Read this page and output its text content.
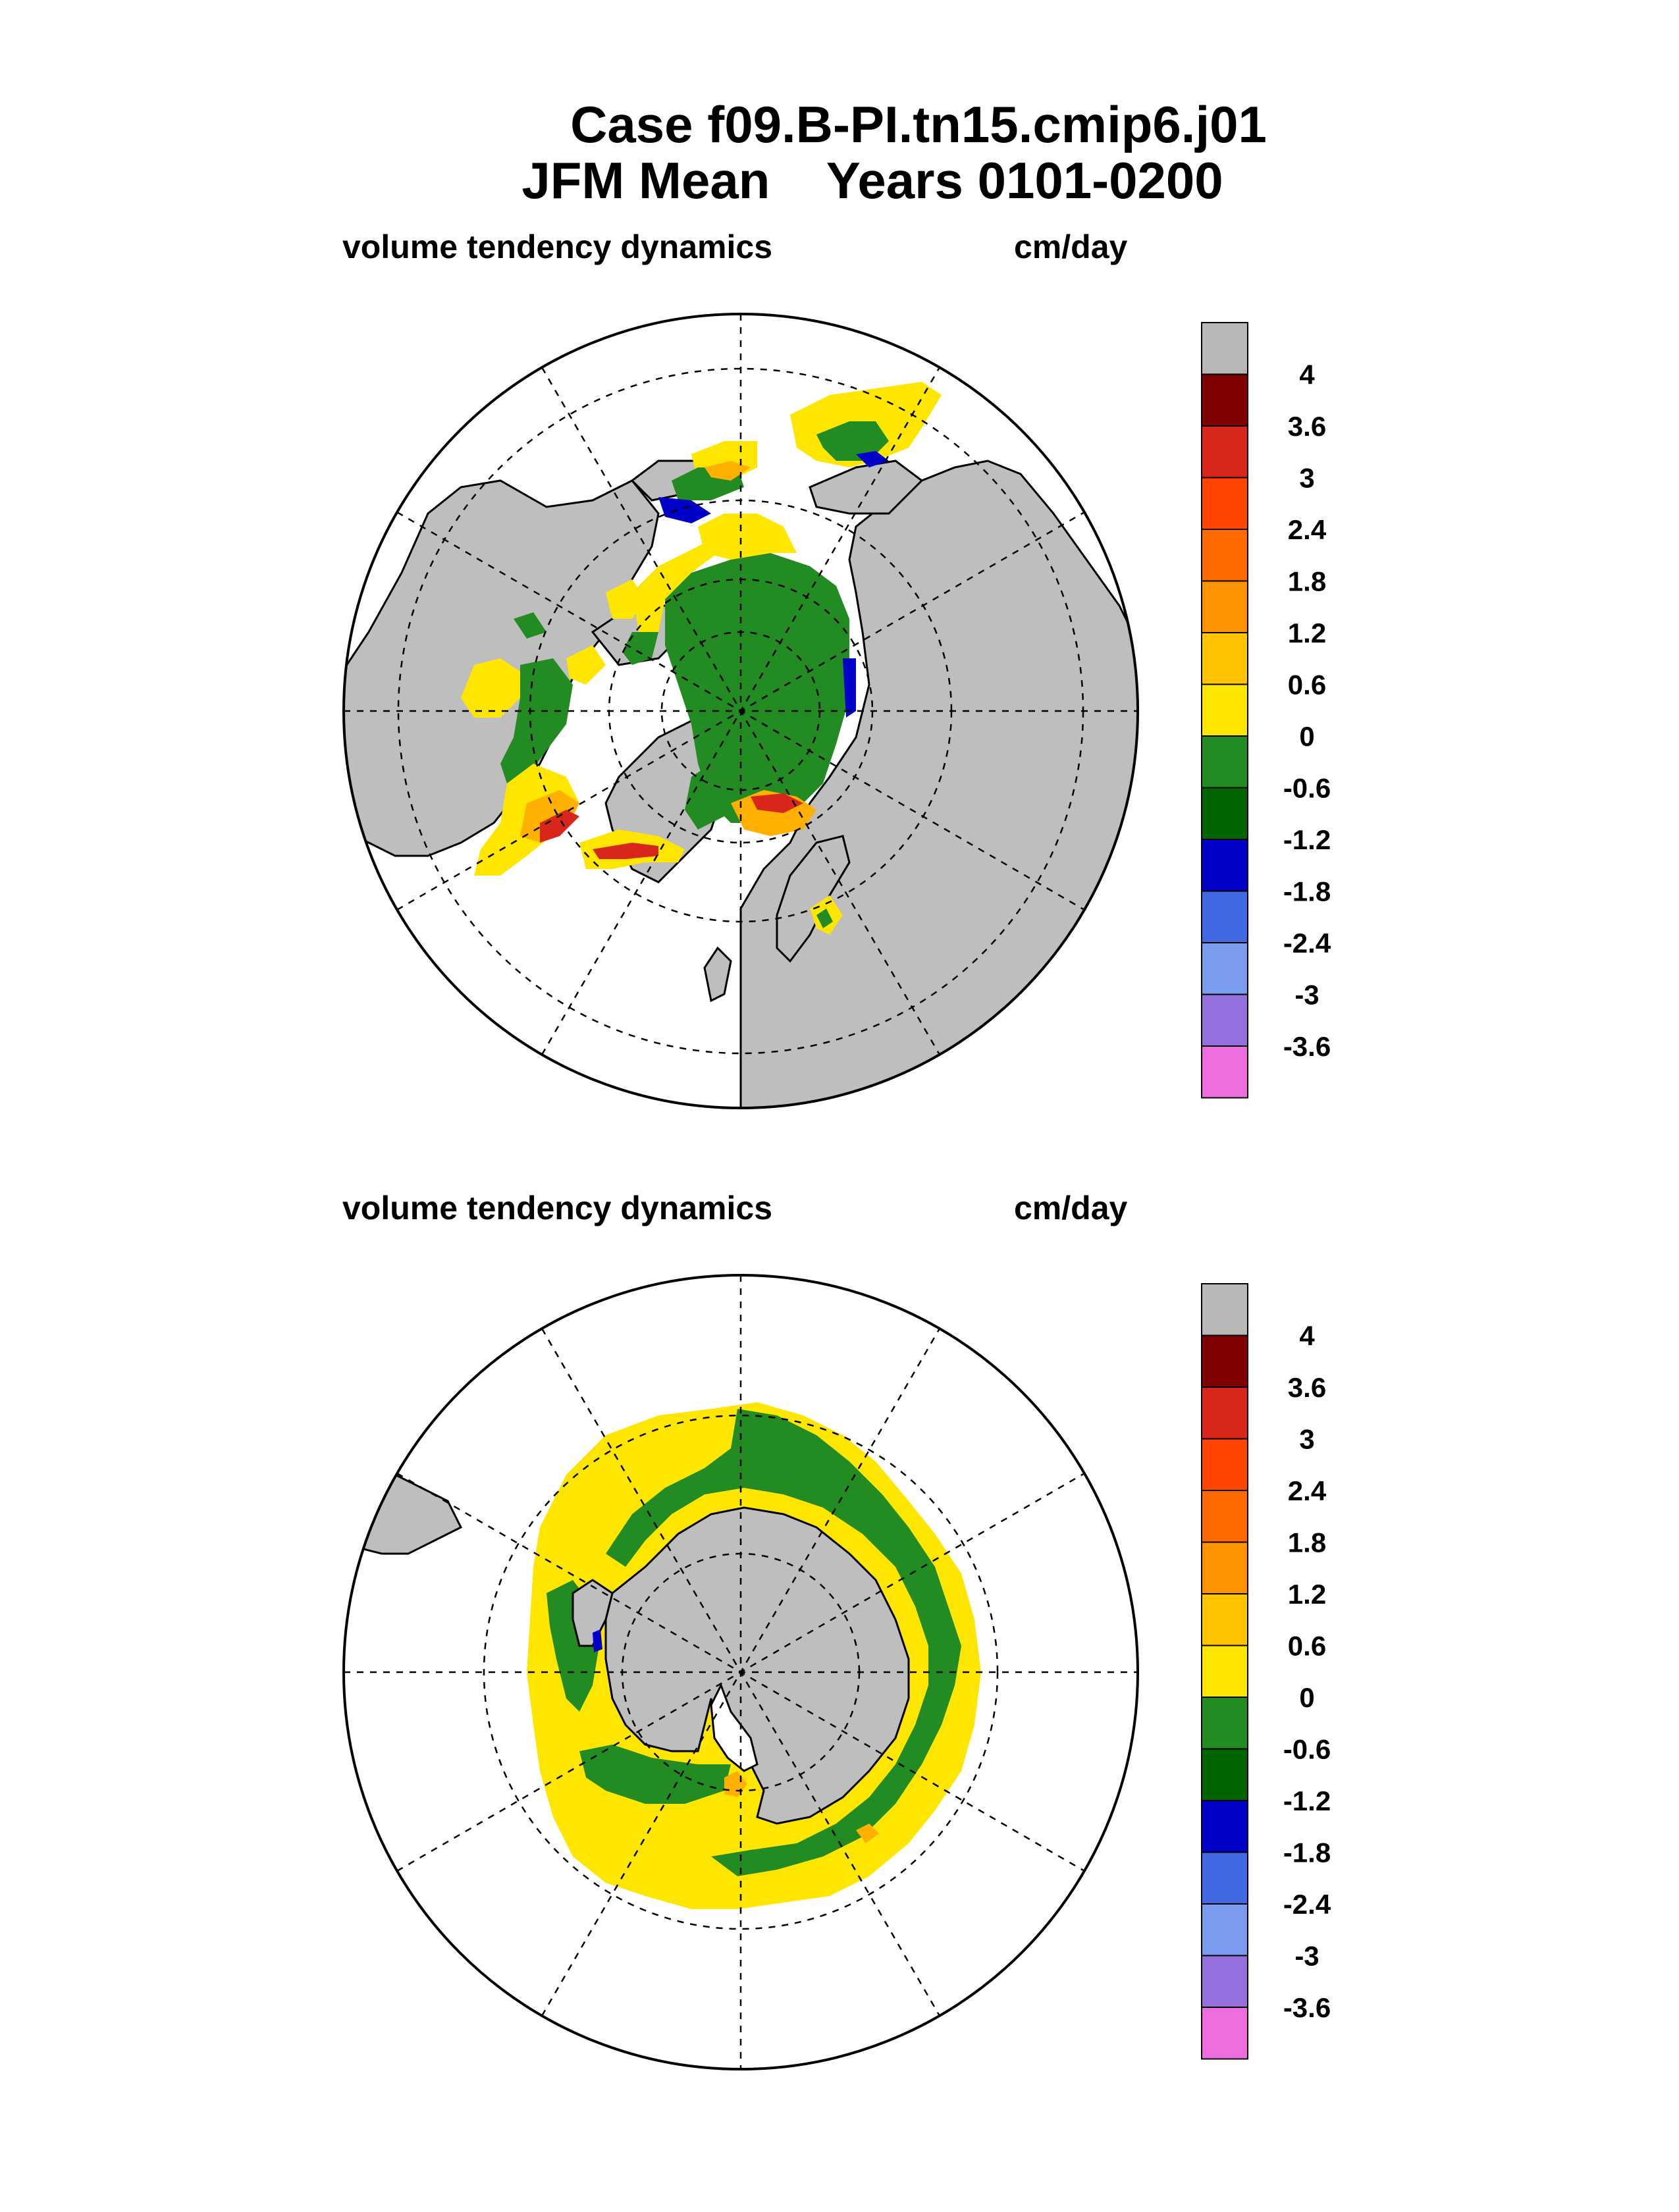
Case f09.B-PI.tn15.cmip6.j01
JFM Mean    Years 0101-0200
volume tendency dynamics	cm/day
volume tendency dynamics	cm/day
4
3.6
3
2.4
1.8
1.2
0.6
0
-0.6
-1.2
-1.8
-2.4
-3
-3.6
4
3.6
3
2.4
1.8
1.2
0.6
0
-0.6
-1.2
-1.8
-2.4
-3
-3.6
